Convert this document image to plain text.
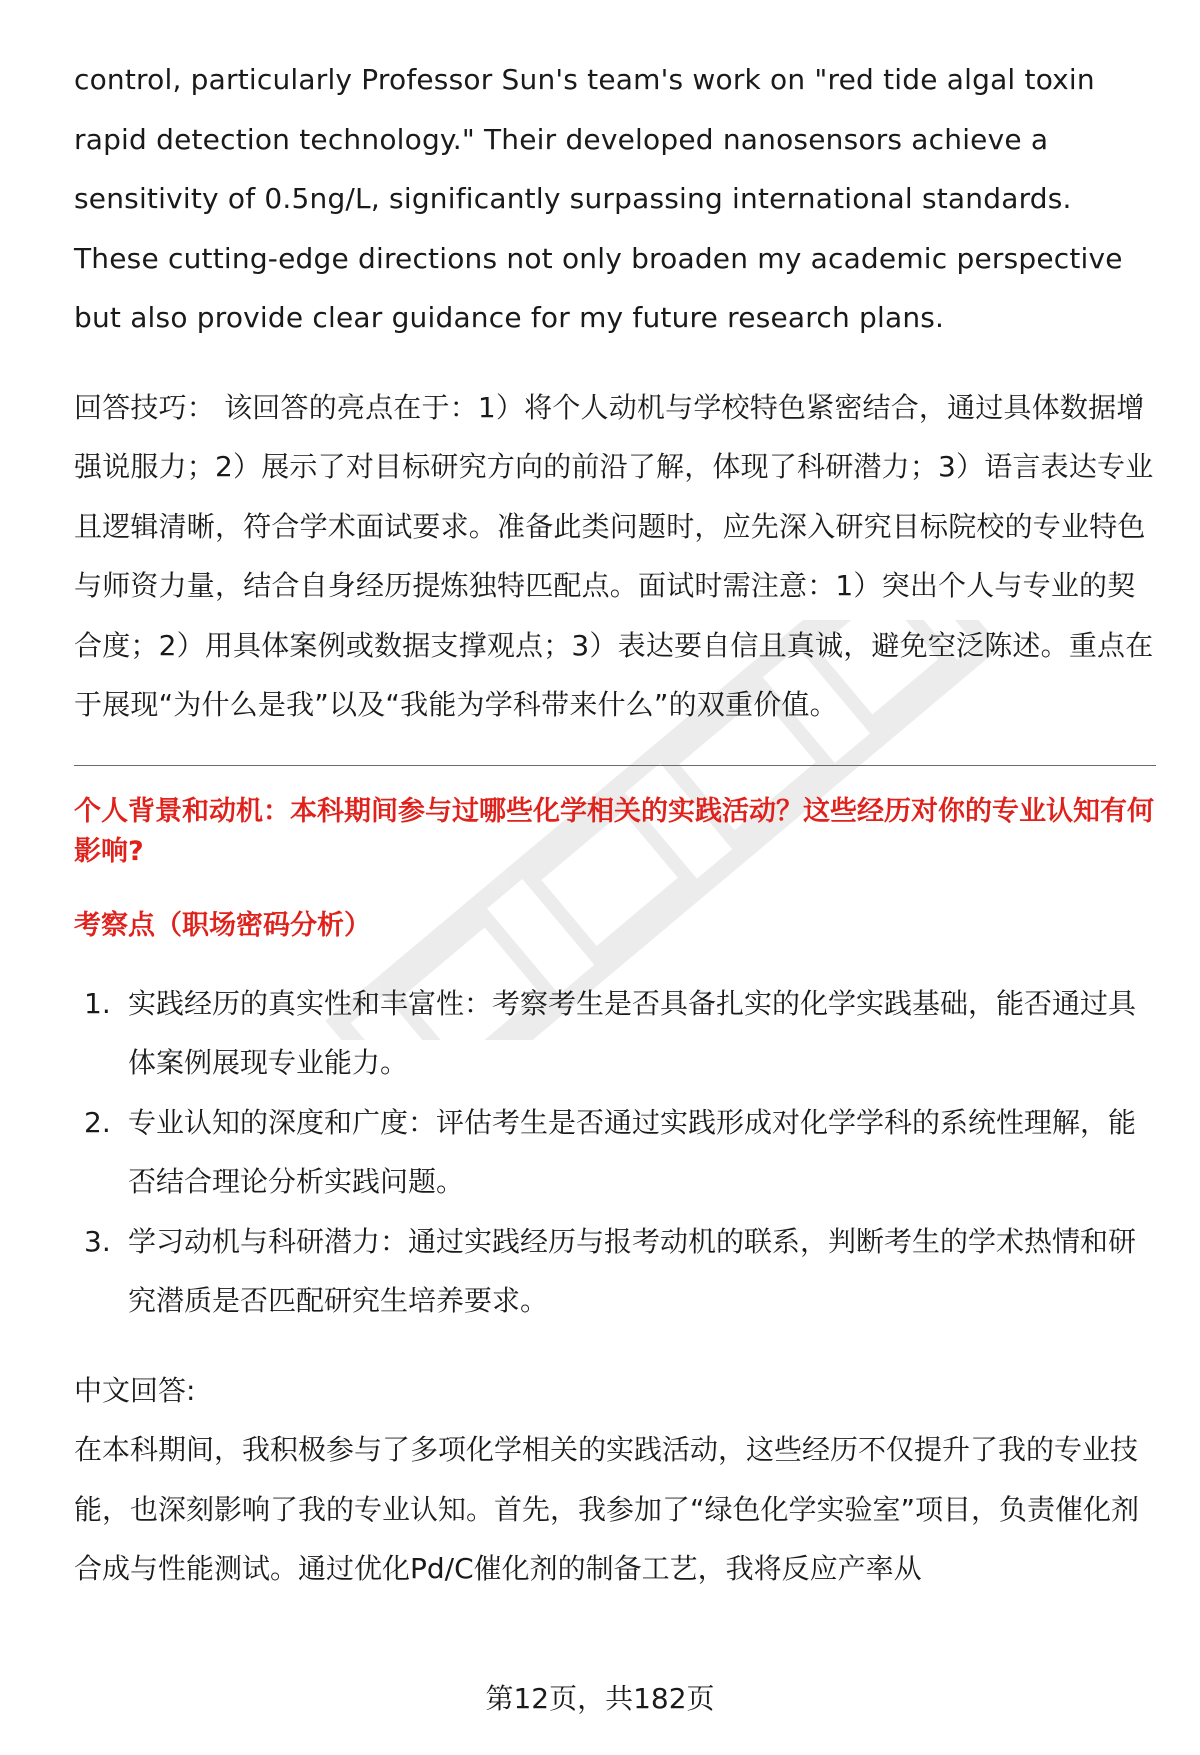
control, particularly Professor Sun's team's work on "red tide algal toxin rapid detection technology." Their developed nanosensors achieve a sensitivity of 0.5ng/L, significantly surpassing international standards. These cutting-edge directions not only broaden my academic perspective but also provide clear guidance for my future research plans.

回答技巧： 该回答的亮点在于：1）将个人动机与学校特色紧密结合，通过具体数据增强说服力；2）展示了对目标研究方向的前沿了解，体现了科研潜力；3）语言表达专业且逻辑清晰，符合学术面试要求。准备此类问题时，应先深入研究目标院校的专业特色与师资力量，结合自身经历提炼独特匹配点。面试时需注意：1）突出个人与专业的契合度；2）用具体案例或数据支撑观点；3）表达要自信且真诚，避免空泛陈述。重点在于展现“为什么是我”以及“我能为学科带来什么”的双重价值。

个人背景和动机：本科期间参与过哪些化学相关的实践活动？这些经历对你的专业认知有何影响?

考察点（职场密码分析）

1. 实践经历的真实性和丰富性：考察考生是否具备扎实的化学实践基础，能否通过具体案例展现专业能力。
2. 专业认知的深度和广度：评估考生是否通过实践形成对化学学科的系统性理解，能否结合理论分析实践问题。
3. 学习动机与科研潜力：通过实践经历与报考动机的联系，判断考生的学术热情和研究潜质是否匹配研究生培养要求。

中文回答:

在本科期间，我积极参与了多项化学相关的实践活动，这些经历不仅提升了我的专业技能，也深刻影响了我的专业认知。首先，我参加了“绿色化学实验室”项目，负责催化剂合成与性能测试。通过优化Pd/C催化剂的制备工艺，我将反应产率从

第12页，共182页
